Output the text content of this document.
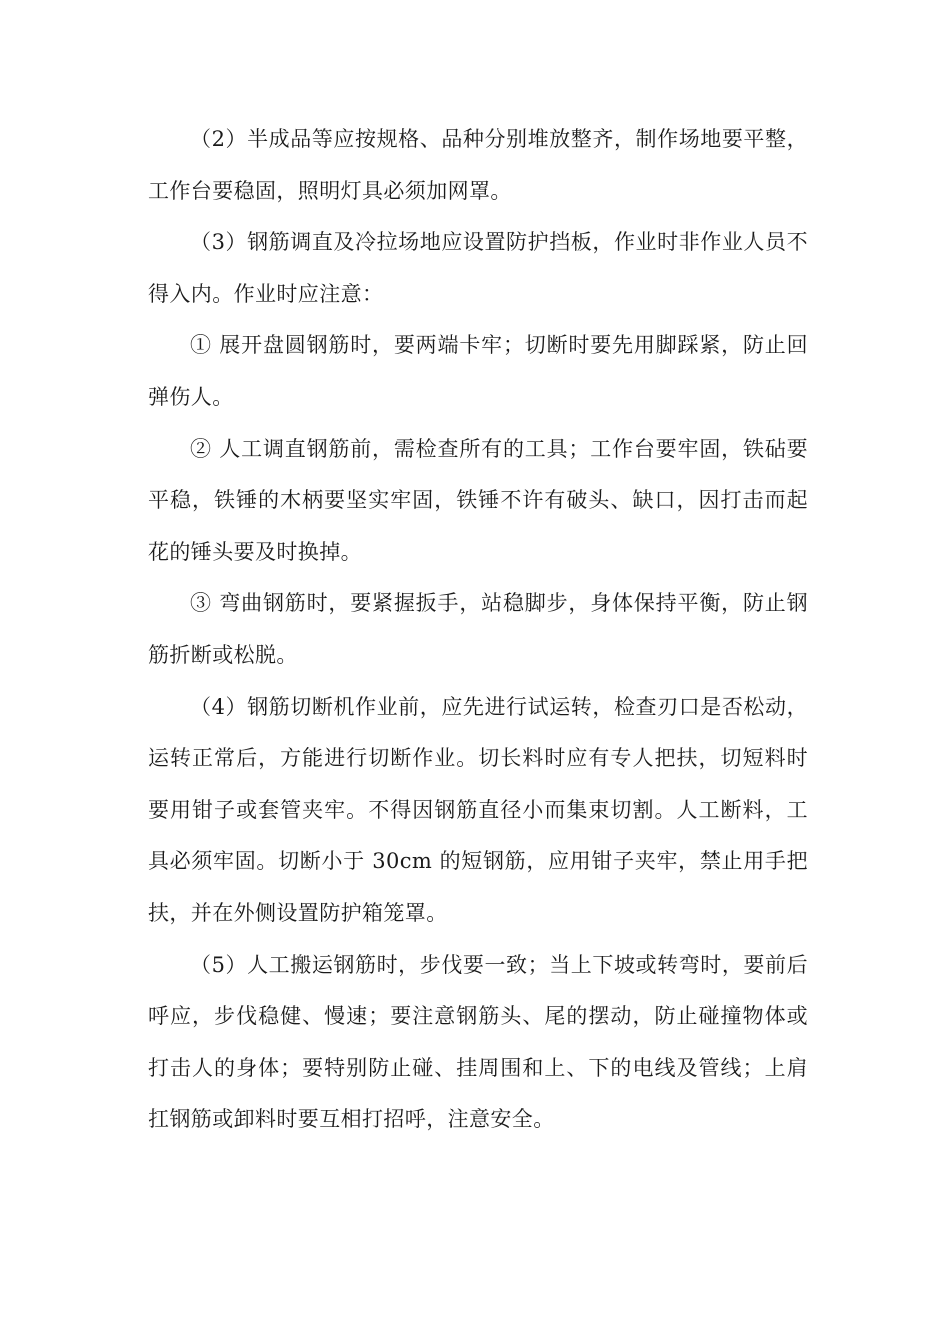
（2）半成品等应按规格、品种分别堆放整齐，制作场地要平整，工作台要稳固，照明灯具必须加网罩。

（3）钢筋调直及冷拉场地应设置防护挡板，作业时非作业人员不得入内。作业时应注意：

① 展开盘圆钢筋时，要两端卡牢；切断时要先用脚踩紧，防止回弹伤人。

② 人工调直钢筋前，需检查所有的工具；工作台要牢固，铁砧要平稳，铁锤的木柄要坚实牢固，铁锤不许有破头、缺口，因打击而起花的锤头要及时换掉。

③ 弯曲钢筋时，要紧握扳手，站稳脚步，身体保持平衡，防止钢筋折断或松脱。

（4）钢筋切断机作业前，应先进行试运转，检查刃口是否松动，运转正常后，方能进行切断作业。切长料时应有专人把扶，切短料时要用钳子或套管夹牢。不得因钢筋直径小而集束切割。人工断料，工具必须牢固。切断小于 30cm 的短钢筋，应用钳子夹牢，禁止用手把扶，并在外侧设置防护箱笼罩。

（5）人工搬运钢筋时，步伐要一致；当上下坡或转弯时，要前后呼应，步伐稳健、慢速；要注意钢筋头、尾的摆动，防止碰撞物体或打击人的身体；要特别防止碰、挂周围和上、下的电线及管线；上肩扛钢筋或卸料时要互相打招呼，注意安全。
